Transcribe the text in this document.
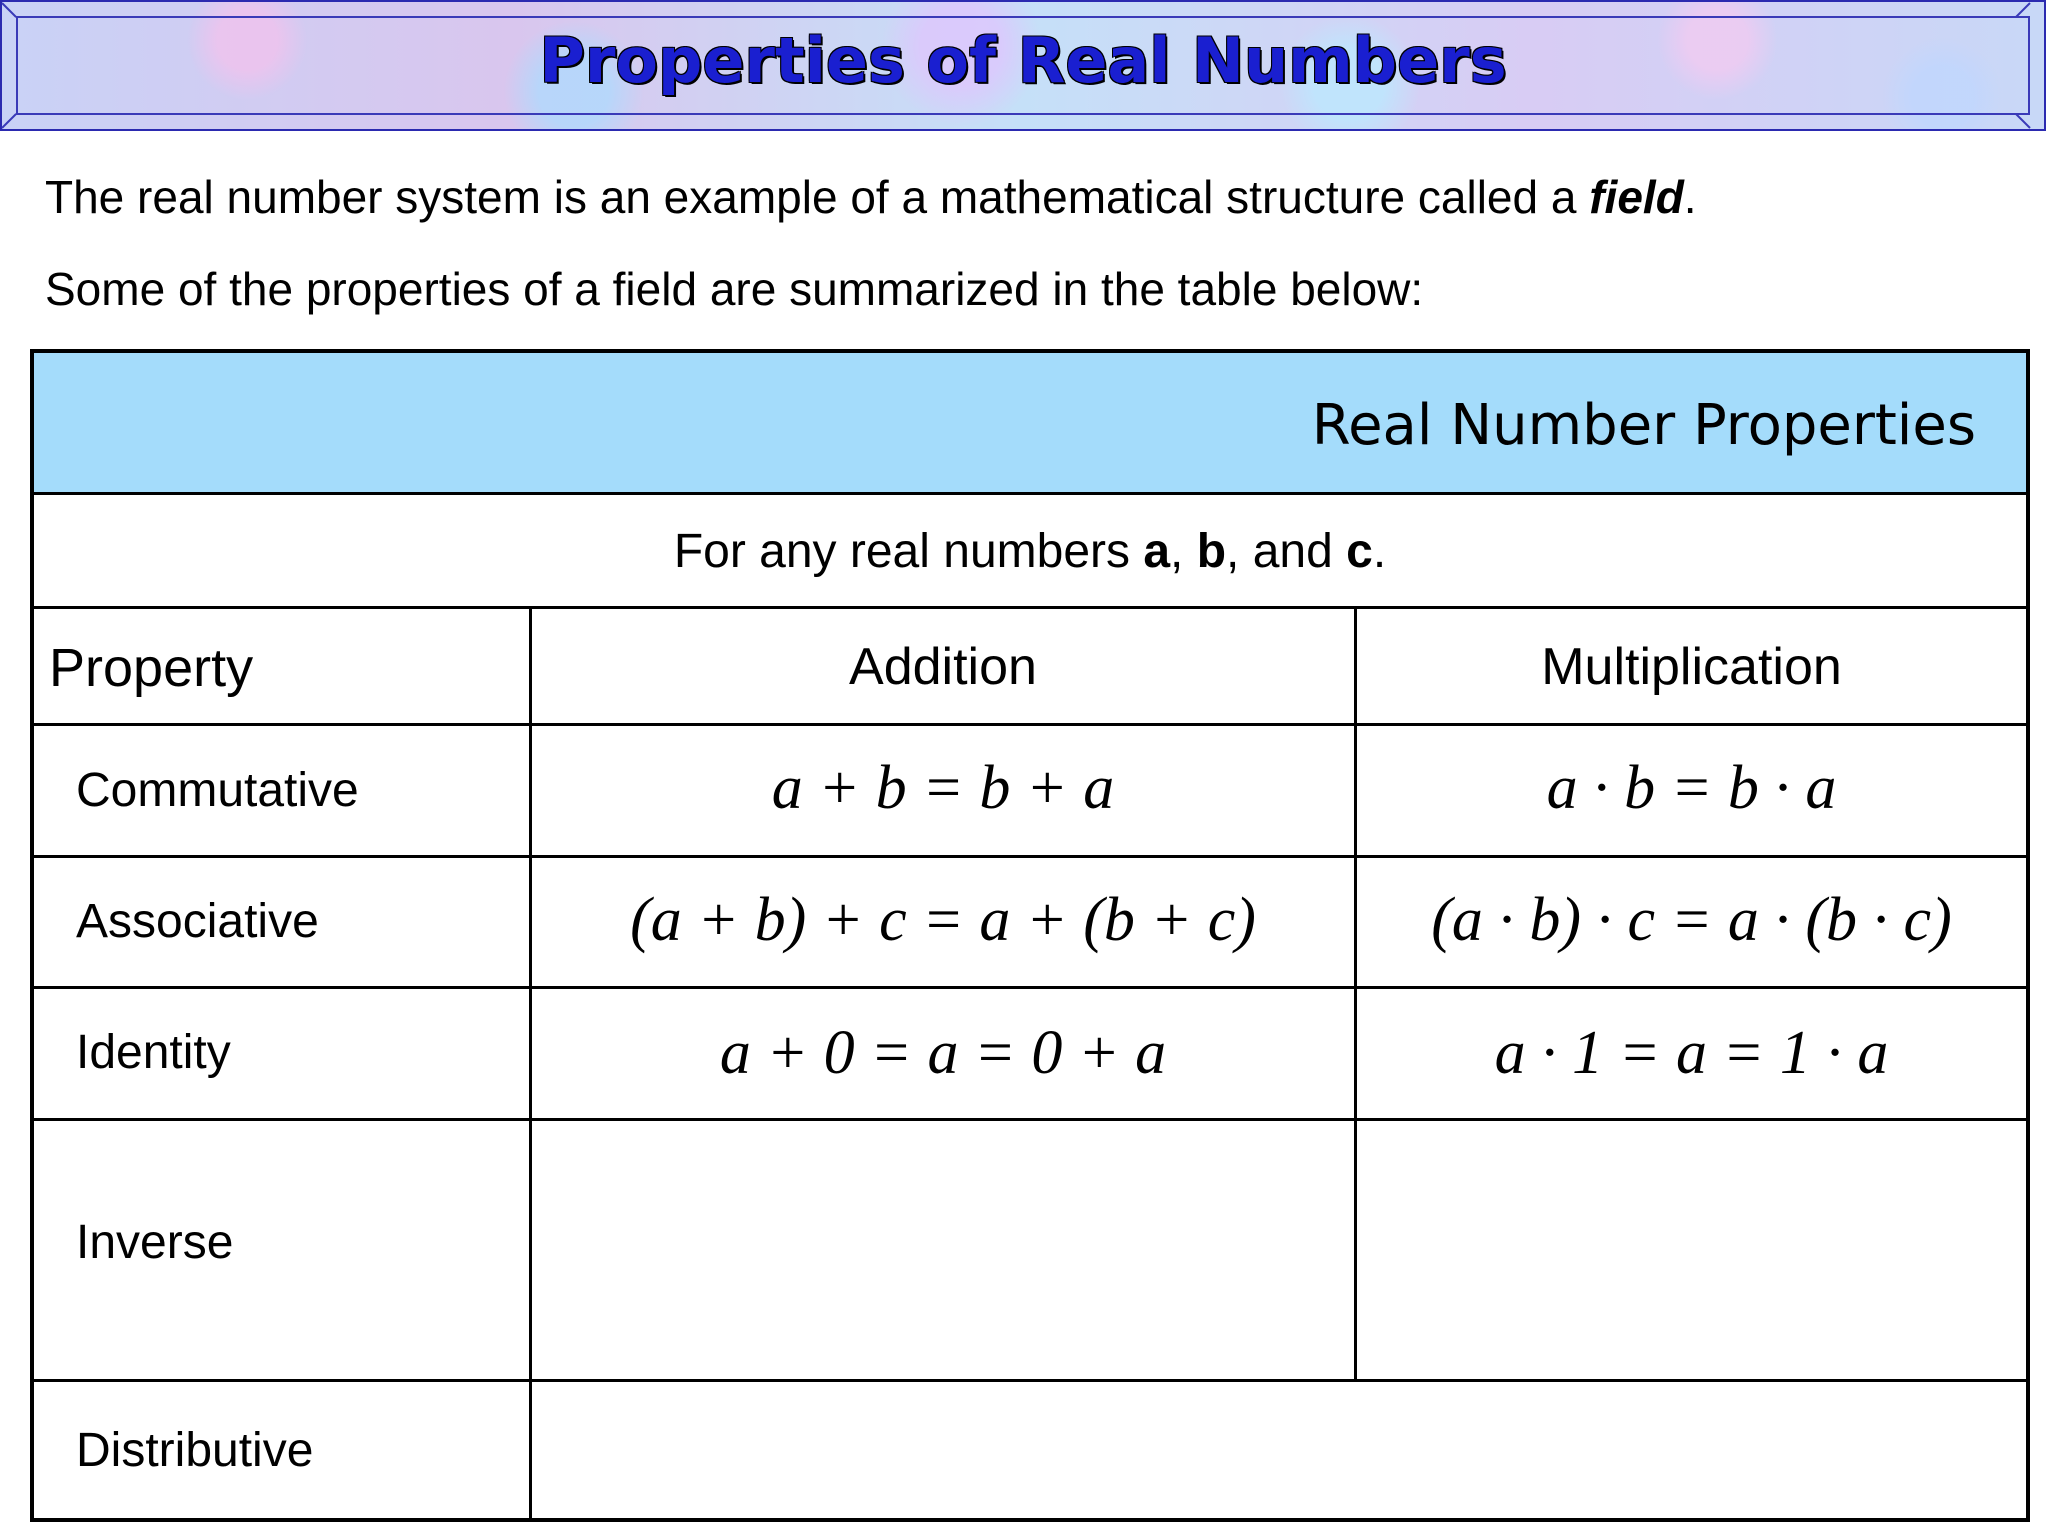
Properties of Real Numbers
The real number system is an example of a mathematical structure called a field.
Some of the properties of a field are summarized in the table below:
Real Number Properties
For any real numbers a, b, and c.
Property	Addition	Multiplication
Commutative	a + b = b + a	a · b = b · a
Associative	(a + b) + c = a + (b + c)	(a · b) · c = a · (b · c)
Identity	a + 0 = a = 0 + a	a · 1 = a = 1 · a
Inverse
Distributive
